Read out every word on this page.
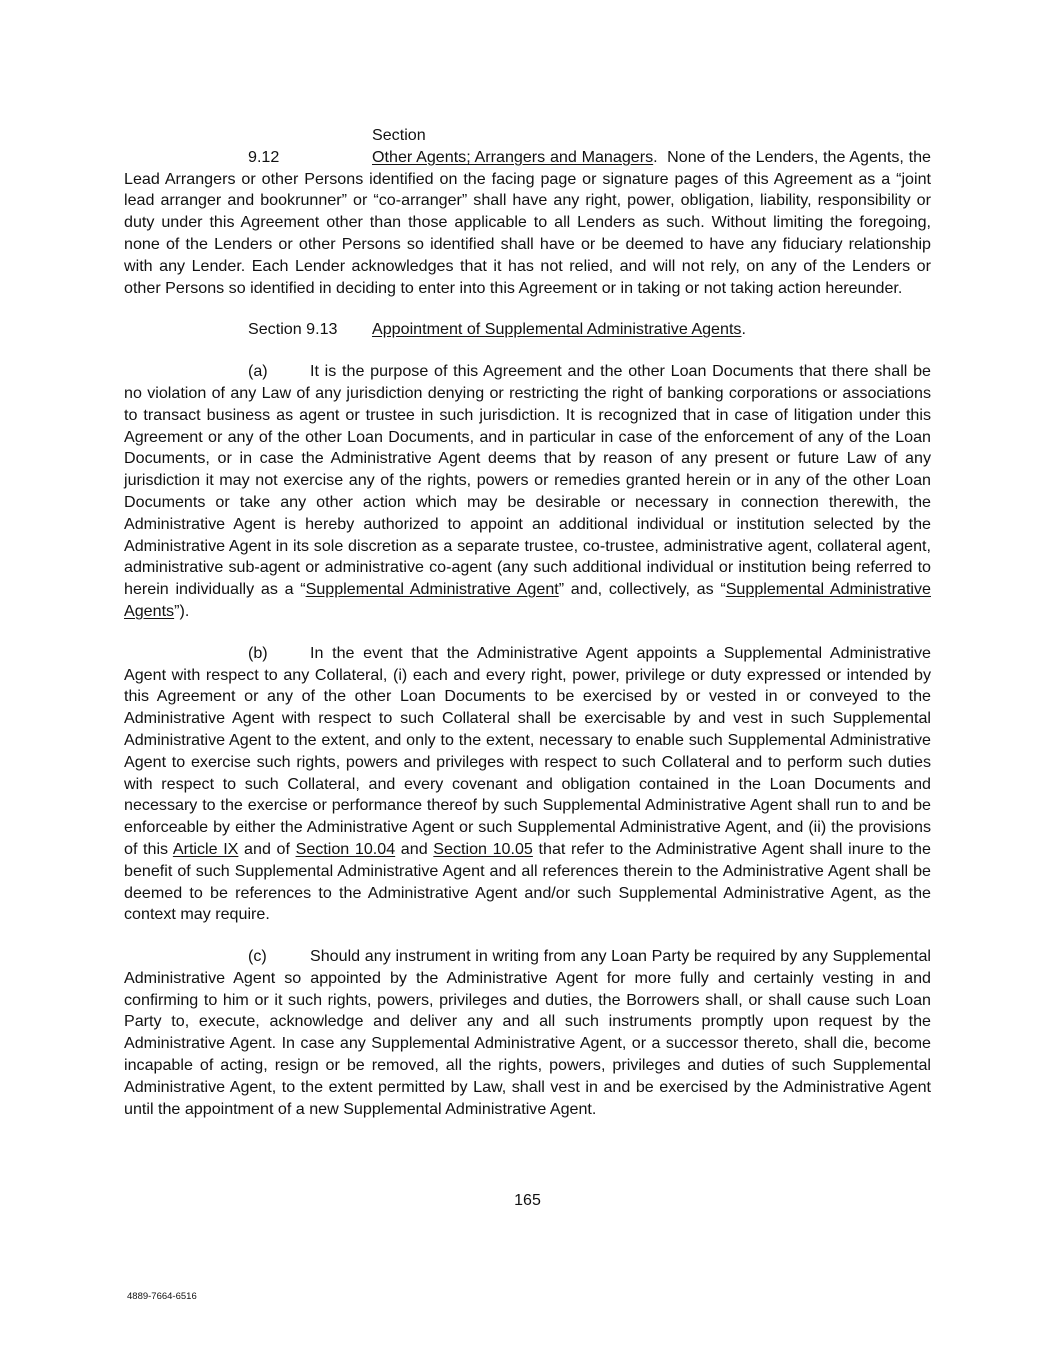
Section 9.12	Other Agents; Arrangers and Managers. None of the Lenders, the Agents, the Lead Arrangers or other Persons identified on the facing page or signature pages of this Agreement as a “joint lead arranger and bookrunner” or “co-arranger” shall have any right, power, obligation, liability, responsibility or duty under this Agreement other than those applicable to all Lenders as such. Without limiting the foregoing, none of the Lenders or other Persons so identified shall have or be deemed to have any fiduciary relationship with any Lender. Each Lender acknowledges that it has not relied, and will not rely, on any of the Lenders or other Persons so identified in deciding to enter into this Agreement or in taking or not taking action hereunder.

Section 9.13 Appointment of Supplemental Administrative Agents.

(a)	It is the purpose of this Agreement and the other Loan Documents that there shall be no violation of any Law of any jurisdiction denying or restricting the right of banking corporations or associations to transact business as agent or trustee in such jurisdiction. It is recognized that in case of litigation under this Agreement or any of the other Loan Documents, and in particular in case of the enforcement of any of the Loan Documents, or in case the Administrative Agent deems that by reason of any present or future Law of any jurisdiction it may not exercise any of the rights, powers or remedies granted herein or in any of the other Loan Documents or take any other action which may be desirable or necessary in connection therewith, the Administrative Agent is hereby authorized to appoint an additional individual or institution selected by the Administrative Agent in its sole discretion as a separate trustee, co-trustee, administrative agent, collateral agent, administrative sub-agent or administrative co-agent (any such additional individual or institution being referred to herein individually as a “Supplemental Administrative Agent” and, collectively, as “Supplemental Administrative Agents”).

(b)	In the event that the Administrative Agent appoints a Supplemental Administrative Agent with respect to any Collateral, (i) each and every right, power, privilege or duty expressed or intended by this Agreement or any of the other Loan Documents to be exercised by or vested in or conveyed to the Administrative Agent with respect to such Collateral shall be exercisable by and vest in such Supplemental Administrative Agent to the extent, and only to the extent, necessary to enable such Supplemental Administrative Agent to exercise such rights, powers and privileges with respect to such Collateral and to perform such duties with respect to such Collateral, and every covenant and obligation contained in the Loan Documents and necessary to the exercise or performance thereof by such Supplemental Administrative Agent shall run to and be enforceable by either the Administrative Agent or such Supplemental Administrative Agent, and (ii) the provisions of this Article IX and of Section 10.04 and Section 10.05 that refer to the Administrative Agent shall inure to the benefit of such Supplemental Administrative Agent and all references therein to the Administrative Agent shall be deemed to be references to the Administrative Agent and/or such Supplemental Administrative Agent, as the context may require.

(c)	Should any instrument in writing from any Loan Party be required by any Supplemental Administrative Agent so appointed by the Administrative Agent for more fully and certainly vesting in and confirming to him or it such rights, powers, privileges and duties, the Borrowers shall, or shall cause such Loan Party to, execute, acknowledge and deliver any and all such instruments promptly upon request by the Administrative Agent. In case any Supplemental Administrative Agent, or a successor thereto, shall die, become incapable of acting, resign or be removed, all the rights, powers, privileges and duties of such Supplemental Administrative Agent, to the extent permitted by Law, shall vest in and be exercised by the Administrative Agent until the appointment of a new Supplemental Administrative Agent.

165
4889-7664-6516
